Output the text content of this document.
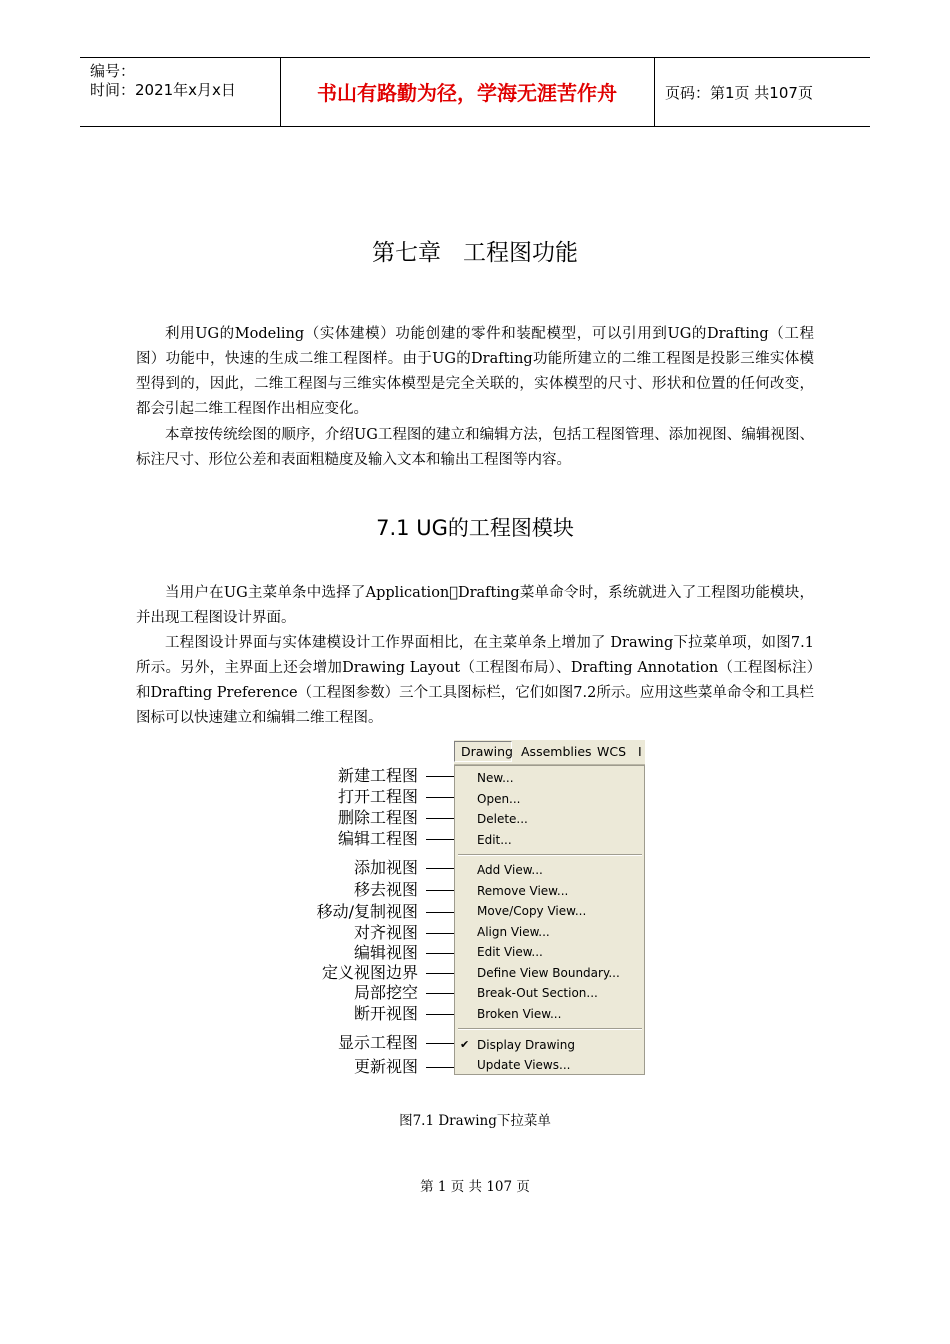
编号：
时间：2021年x月x日	书山有路勤为径，学海无涯苦作舟	页码：第1页 共107页
第七章   工程图功能

利用UG的Modeling（实体建模）功能创建的零件和装配模型，可以引用到UG的Drafting（工程图）功能中，快速的生成二维工程图样。由于UG的Drafting功能所建立的二维工程图是投影三维实体模型得到的，因此，二维工程图与三维实体模型是完全关联的，实体模型的尺寸、形状和位置的任何改变，都会引起二维工程图作出相应变化。

本章按传统绘图的顺序，介绍UG工程图的建立和编辑方法，包括工程图管理、添加视图、编辑视图、标注尺寸、形位公差和表面粗糙度及输入文本和输出工程图等内容。

7.1 UG的工程图模块

当用户在UG主菜单条中选择了Application Drafting菜单命令时，系统就进入了工程图功能模块，并出现工程图设计界面。

工程图设计界面与实体建模设计工作界面相比，在主菜单条上增加了 Drawing下拉菜单项，如图7.1所示。另外，主界面上还会增加Drawing Layout（工程图布局）、Drafting Annotation（工程图标注）和Drafting Preference（工程图参数）三个工具图标栏，它们如图7.2所示。应用这些菜单命令和工具栏图标可以快速建立和编辑二维工程图。

Drawing Assemblies WCS I
New...
Open...
Delete...
Edit...
Add View...
Remove View...
Move/Copy View...
Align View...
Edit View...
Define View Boundary...
Break-Out Section...
Broken View...
✔ Display Drawing
Update Views...
新建工程图
打开工程图
删除工程图
编辑工程图
添加视图
移去视图
移动/复制视图
对齐视图
编辑视图
定义视图边界
局部挖空
断开视图
显示工程图
更新视图
图7.1 Drawing下拉菜单
第 1 页 共 107 页
